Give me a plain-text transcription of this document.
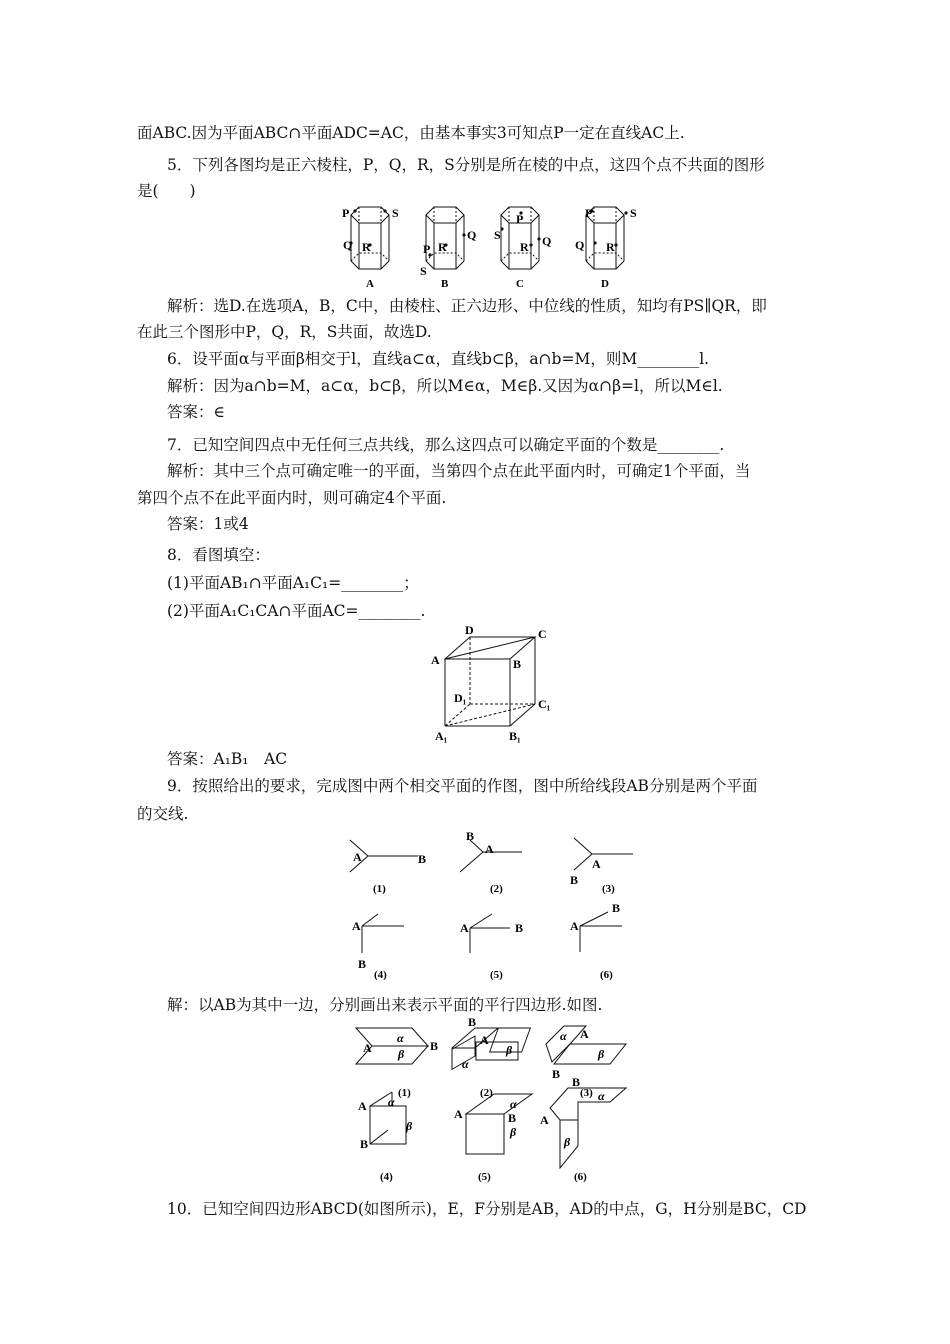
面ABC.因为平面ABC∩平面ADC=AC，由基本事实3可知点P一定在直线AC上.
5．下列各图均是正六棱柱，P，Q，R，S分别是所在棱的中点，这四个点不共面的图形
是(　　)
P	S
Q R
A
P
Q
R
S
B
P
S
R Q
C
P	S
Q R
D
解析：选D.在选项A，B，C中，由棱柱、正六边形、中位线的性质，知均有PS∥QR，即
在此三个图形中P，Q，R，S共面，故选D.
6．设平面α与平面β相交于l，直线a⊂α，直线b⊂β，a∩b=M，则M________l.
解析：因为a∩b=M，a⊂α，b⊂β，所以M∈α，M∈β.又因为α∩β=l，所以M∈l.
答案：∈
7．已知空间四点中无任何三点共线，那么这四点可以确定平面的个数是________.
解析：其中三个点可确定唯一的平面，当第四个点在此平面内时，可确定1个平面，当
第四个点不在此平面内时，则可确定4个平面.
答案：1或4
8．看图填空：
(1)平面AB₁∩平面A₁C₁=________；
(2)平面A₁C₁CA∩平面AC=________.
D	C
A	B
D₁	C₁
A₁	B₁
答案：A₁B₁　AC
9．按照给出的要求，完成图中两个相交平面的作图，图中所给线段AB分别是两个平面
的交线.
A	B
(1)
B
A
(2)
A
B
(3)
A
B
(4)
A	B
(5)
B
A
(6)
解：以AB为其中一边，分别画出来表示平面的平行四边形.如图.
A
α
β
B
(1)
B
A
β
α
(2)
α A
β
B
(3)
A α
β
B
(4)
A
α
B
β
(5)
B
α
A
β
(6)
10．已知空间四边形ABCD(如图所示)，E，F分别是AB，AD的中点，G，H分别是BC，CD
